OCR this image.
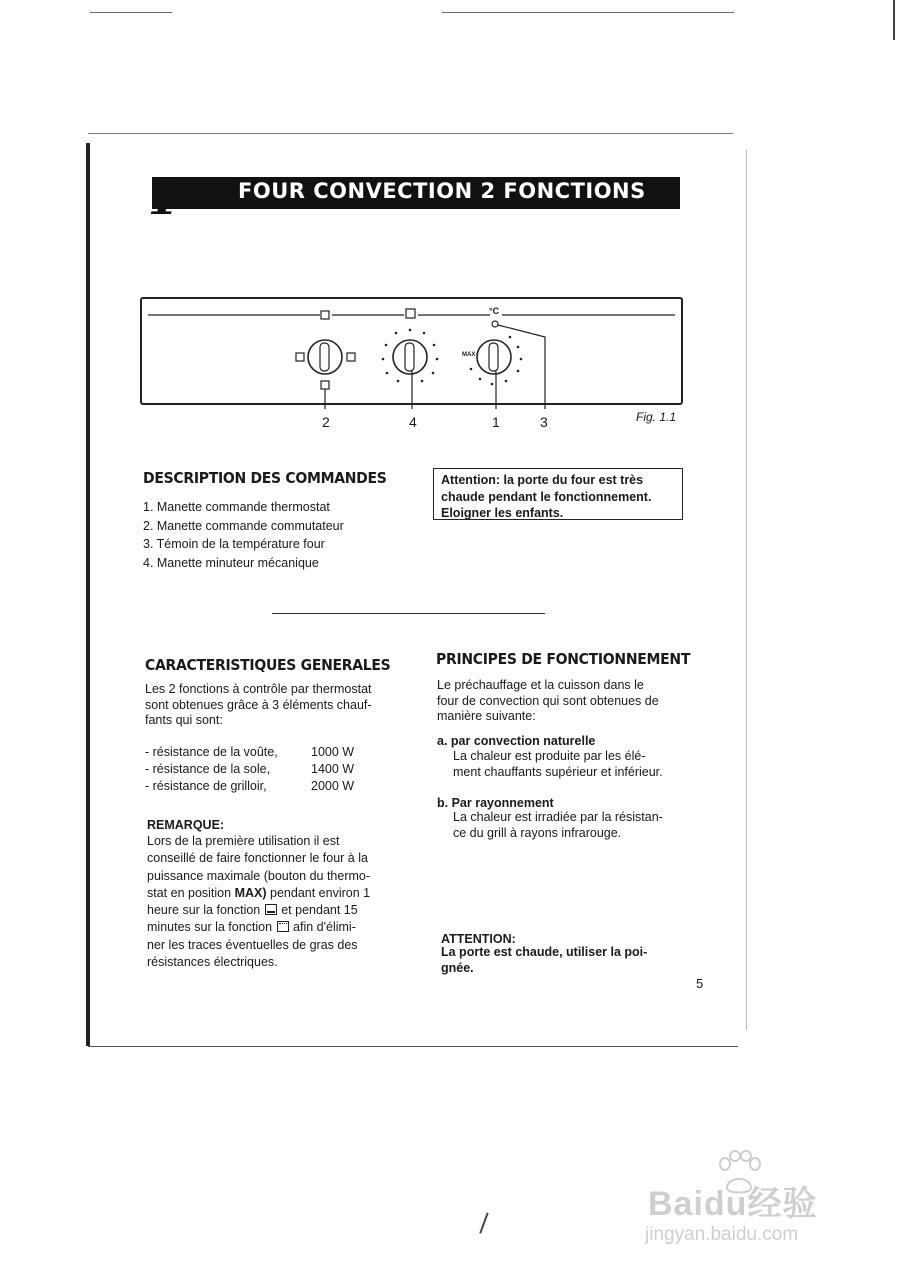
1	FOUR CONVECTION 2 FONCTIONS
°C
MAX
2	4	1	3	Fig. 1.1
DESCRIPTION DES COMMANDES
1. Manette commande thermostat
2. Manette commande commutateur
3. Témoin de la température four
4. Manette minuteur mécanique
Attention: la porte du four est très
chaude pendant le fonctionnement.
Eloigner les enfants.
CARACTERISTIQUES GENERALES
Les 2 fonctions à contrôle par thermostat
sont obtenues grâce à 3 éléments chauf-
fants qui sont:
- résistance de la voûte,	1000 W
- résistance de la sole,	1400 W
- résistance de grilloir,	2000 W
REMARQUE:
Lors de la première utilisation il est
conseillé de faire fonctionner le four à la
puissance maximale (bouton du thermo-
stat en position MAX) pendant environ 1
heure sur la fonction et pendant 15
minutes sur la fonction afin d'élimi-
ner les traces éventuelles de gras des
résistances électriques.
PRINCIPES DE FONCTIONNEMENT
Le préchauffage et la cuisson dans le
four de convection qui sont obtenues de
manière suivante:
a. par convection naturelle
La chaleur est produite par les élé-
ment chauffants supérieur et inférieur.
b. Par rayonnement
La chaleur est irradiée par la résistan-
ce du grill à rayons infrarouge.
ATTENTION:
La porte est chaude, utiliser la poi-
gnée.
5
Baidu经验
jingyan.baidu.com
